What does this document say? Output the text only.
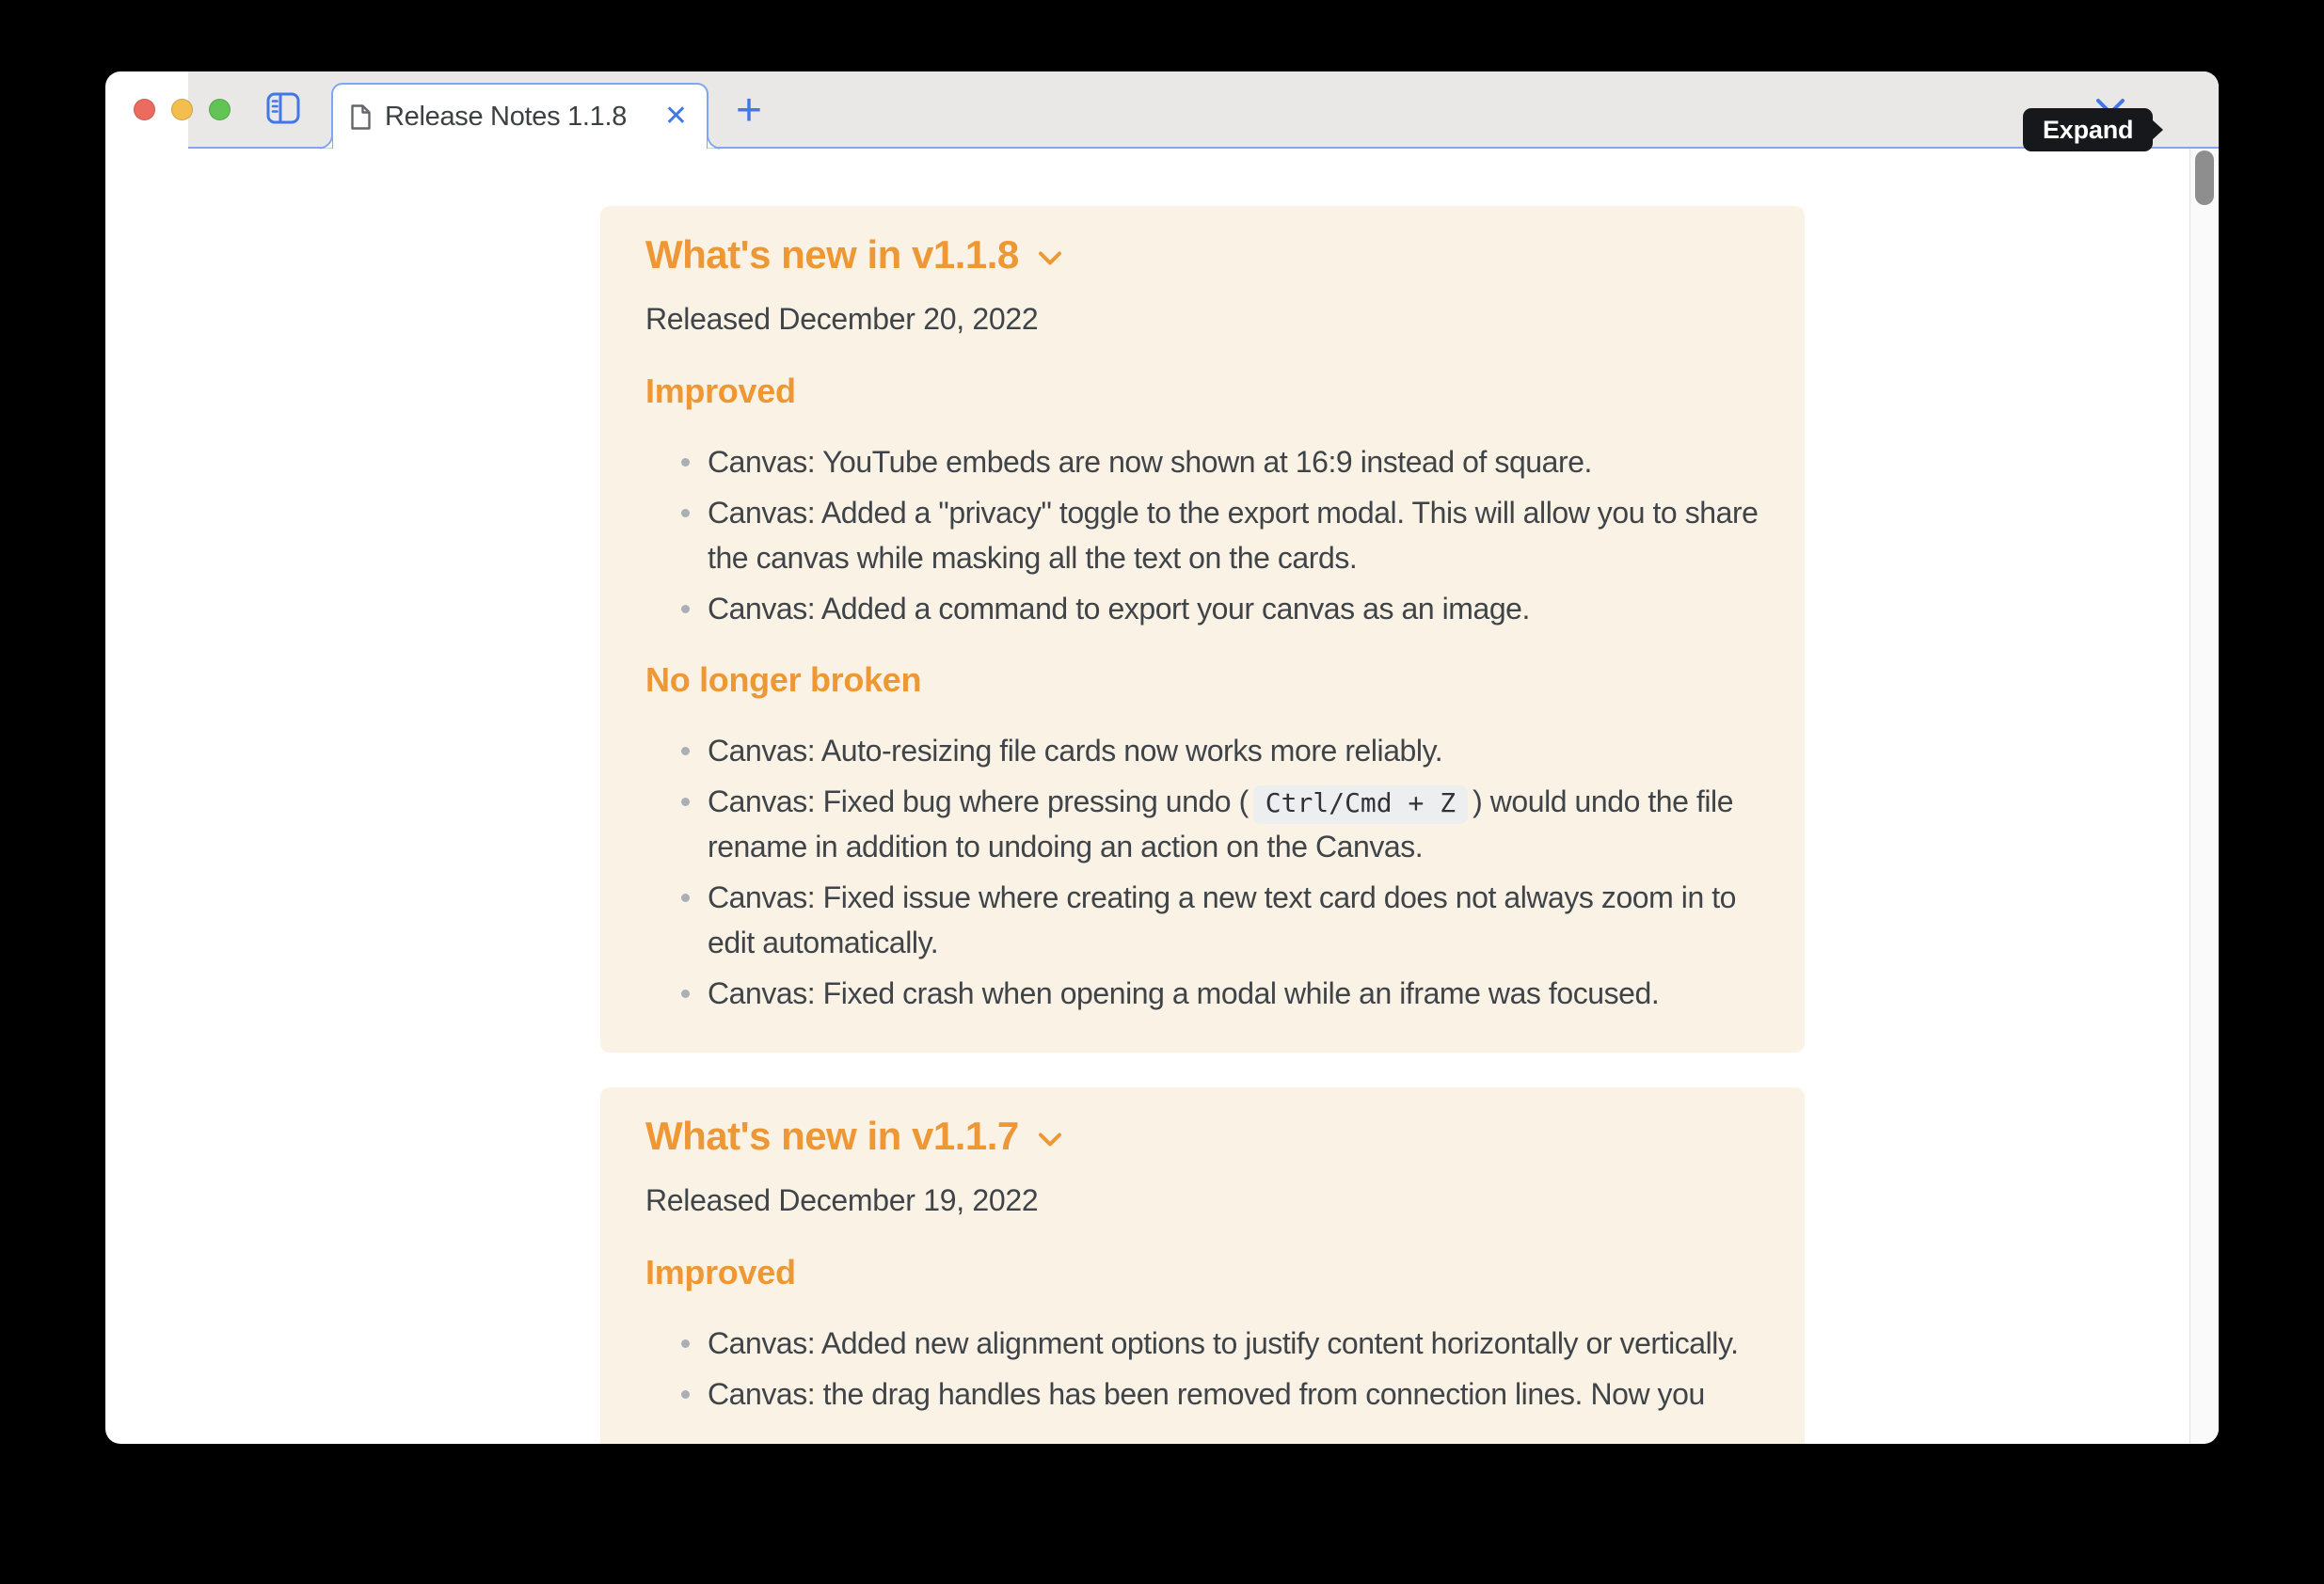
Release Notes 1.1.8 ✕ +	Expand
What's new in v1.1.8

Released December 20, 2022

Improved
Canvas: YouTube embeds are now shown at 16:9 instead of square.
Canvas: Added a "privacy" toggle to the export modal. This will allow you to share the canvas while masking all the text on the cards.
Canvas: Added a command to export your canvas as an image.
No longer broken
Canvas: Auto-resizing file cards now works more reliably.
Canvas: Fixed bug where pressing undo ( Ctrl/Cmd + Z ) would undo the file rename in addition to undoing an action on the Canvas.
Canvas: Fixed issue where creating a new text card does not always zoom in to edit automatically.
Canvas: Fixed crash when opening a modal while an iframe was focused.
What's new in v1.1.7

Released December 19, 2022

Improved
Canvas: Added new alignment options to justify content horizontally or vertically.
Canvas: the drag handles has been removed from connection lines. Now you
